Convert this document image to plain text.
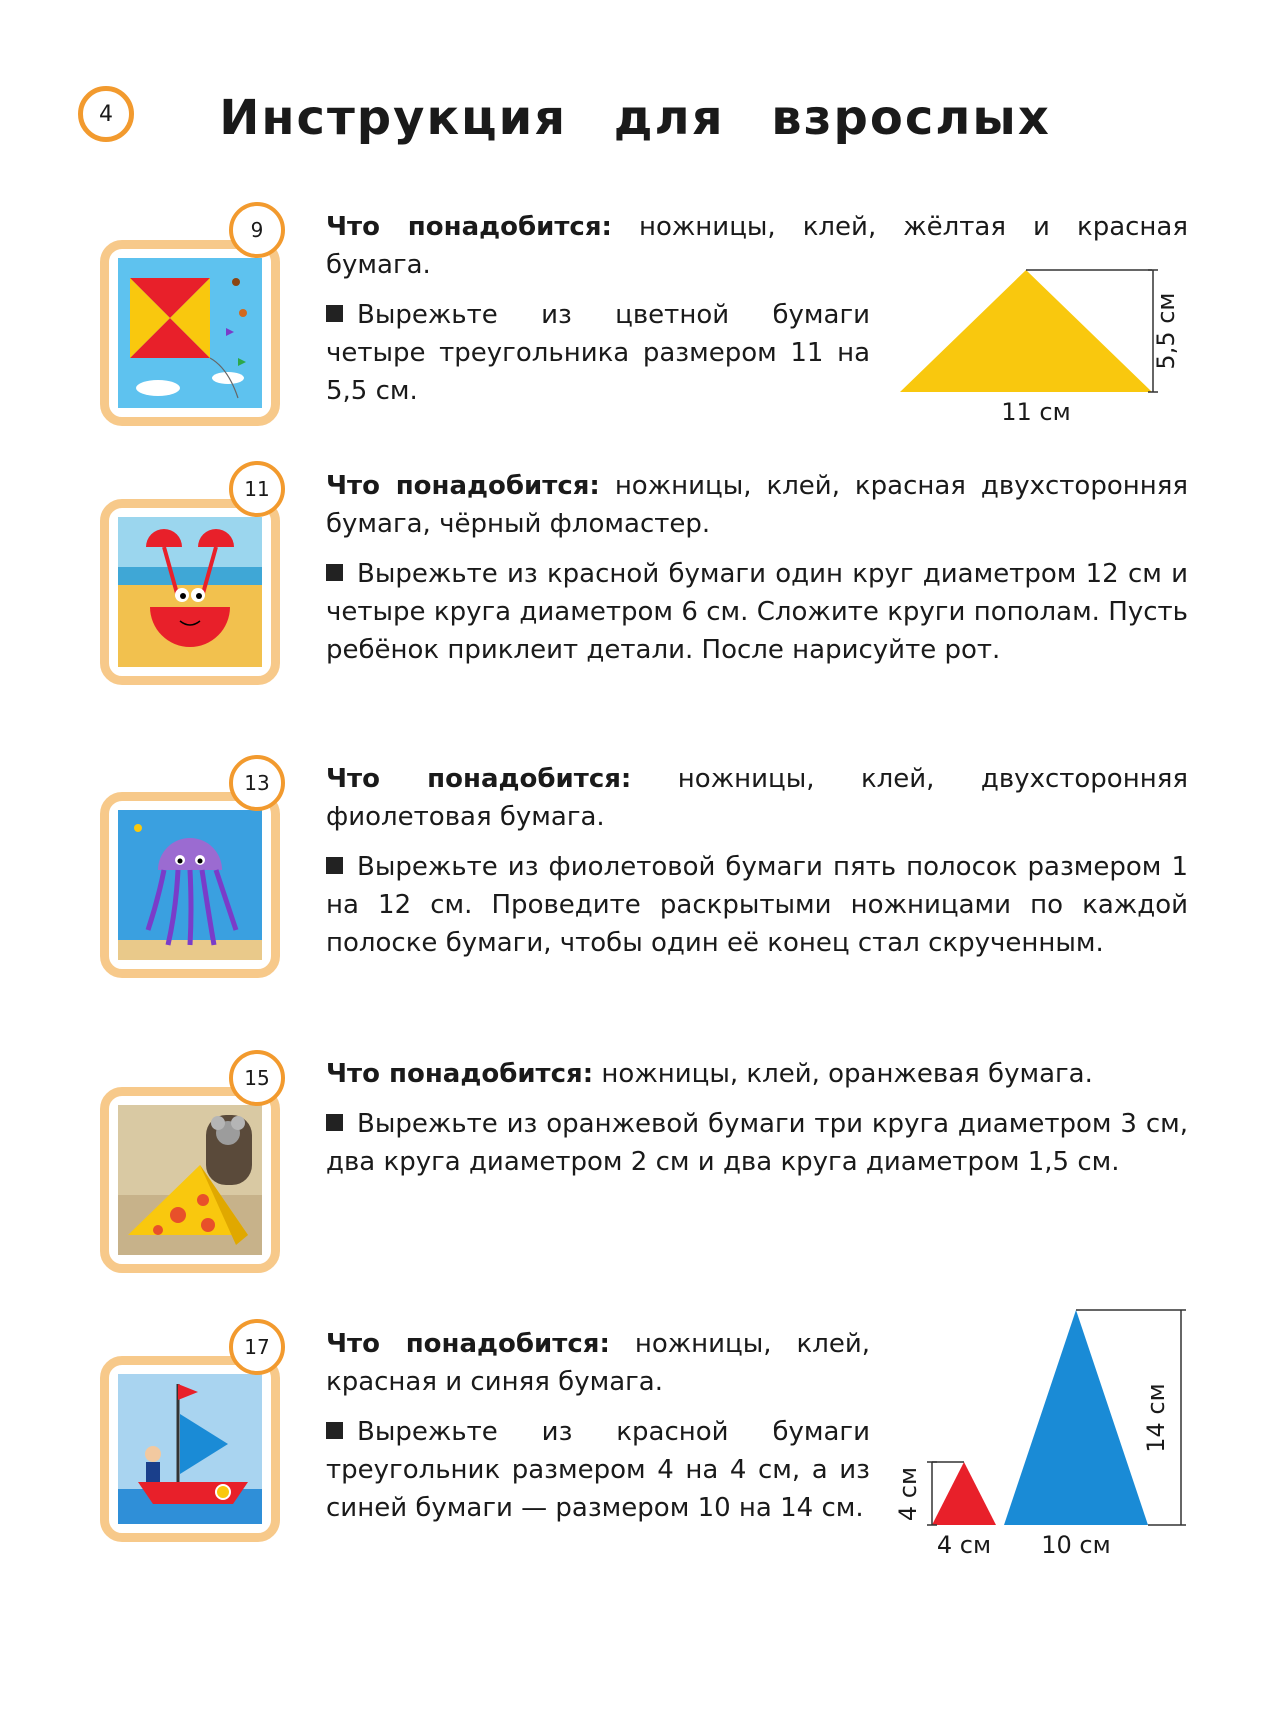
4	Инструкция для взрослых
9	Что понадобится: ножницы, клей, жёлтая и красная бумага.

Вырежьте из цветной бумаги четыре треугольника размером 11 на 5,5 см.

5,5 см
11 см
11	Что понадобится: ножницы, клей, красная двухсторонняя бумага, чёрный фломастер.

Вырежьте из красной бумаги один круг диаметром 12 см и четыре круга диаметром 6 см. Сложите круги пополам. Пусть ребёнок приклеит детали. После нарисуйте рот.

13	Что понадобится: ножницы, клей, двухсторонняя фиолетовая бумага.

Вырежьте из фиолетовой бумаги пять полосок размером 1 на 12 см. Проведите раскрытыми ножницами по каждой полоске бумаги, чтобы один её конец стал скрученным.

15	Что понадобится: ножницы, клей, оранжевая бумага.

Вырежьте из оранжевой бумаги три круга диаметром 3 см, два круга диаметром 2 см и два круга диаметром 1,5 см.

17	Что понадобится: ножницы, клей, красная и синяя бумага.

Вырежьте из красной бумаги треугольник размером 4 на 4 см, а из синей бумаги — размером 10 на 14 см. 4 см
4 см
14 см
10 см
